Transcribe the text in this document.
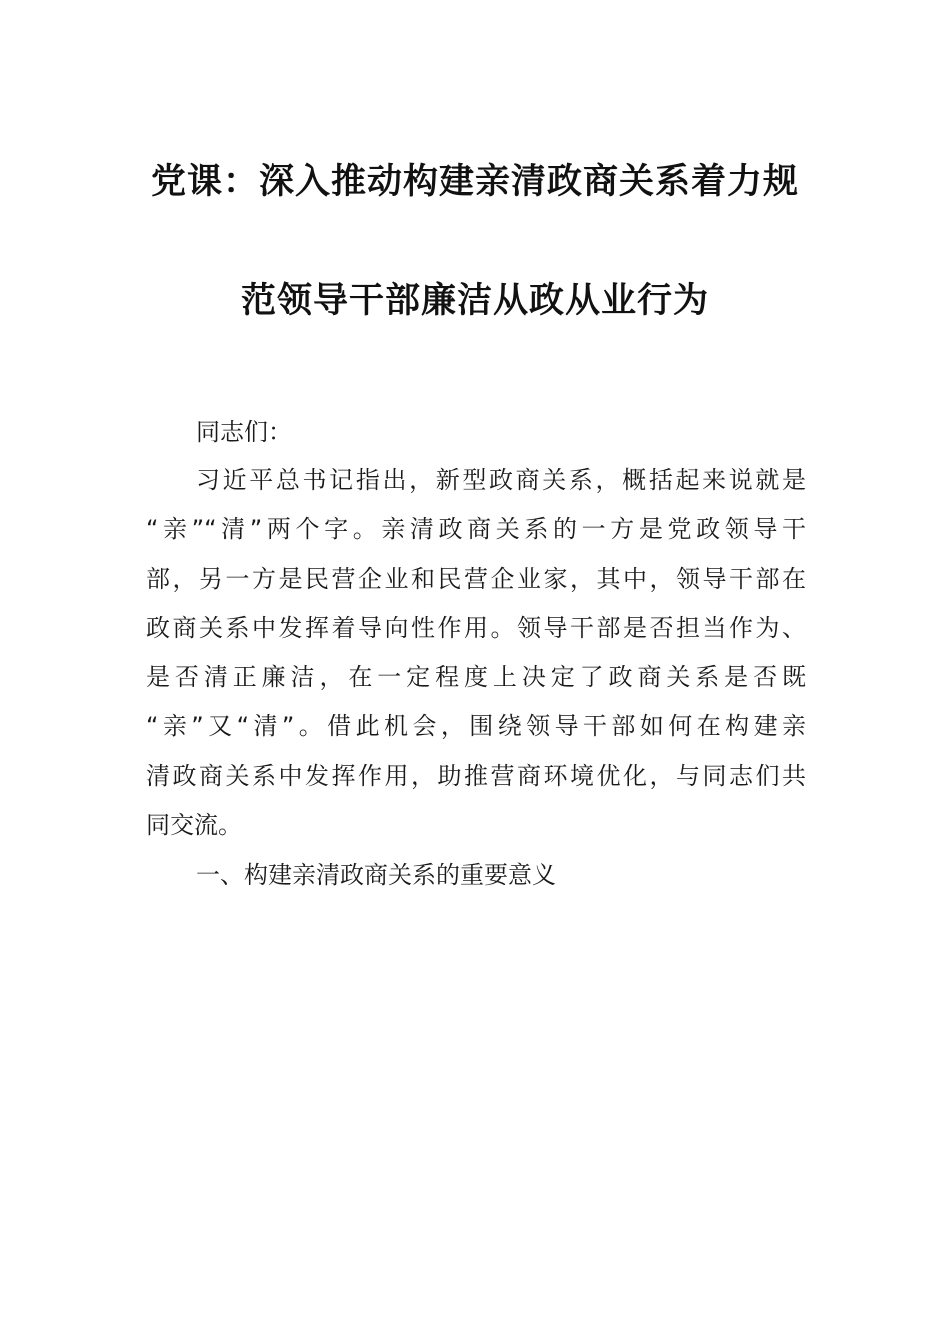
党课：深入推动构建亲清政商关系着力规
范领导干部廉洁从政从业行为
同志们：
习近平总书记指出，新型政商关系，概括起来说就是
“亲”“清”两个字。亲清政商关系的一方是党政领导干
部，另一方是民营企业和民营企业家，其中，领导干部在
政商关系中发挥着导向性作用。领导干部是否担当作为、
是否清正廉洁，在一定程度上决定了政商关系是否既
“亲”又“清”。借此机会，围绕领导干部如何在构建亲
清政商关系中发挥作用，助推营商环境优化，与同志们共
同交流。
一、构建亲清政商关系的重要意义
